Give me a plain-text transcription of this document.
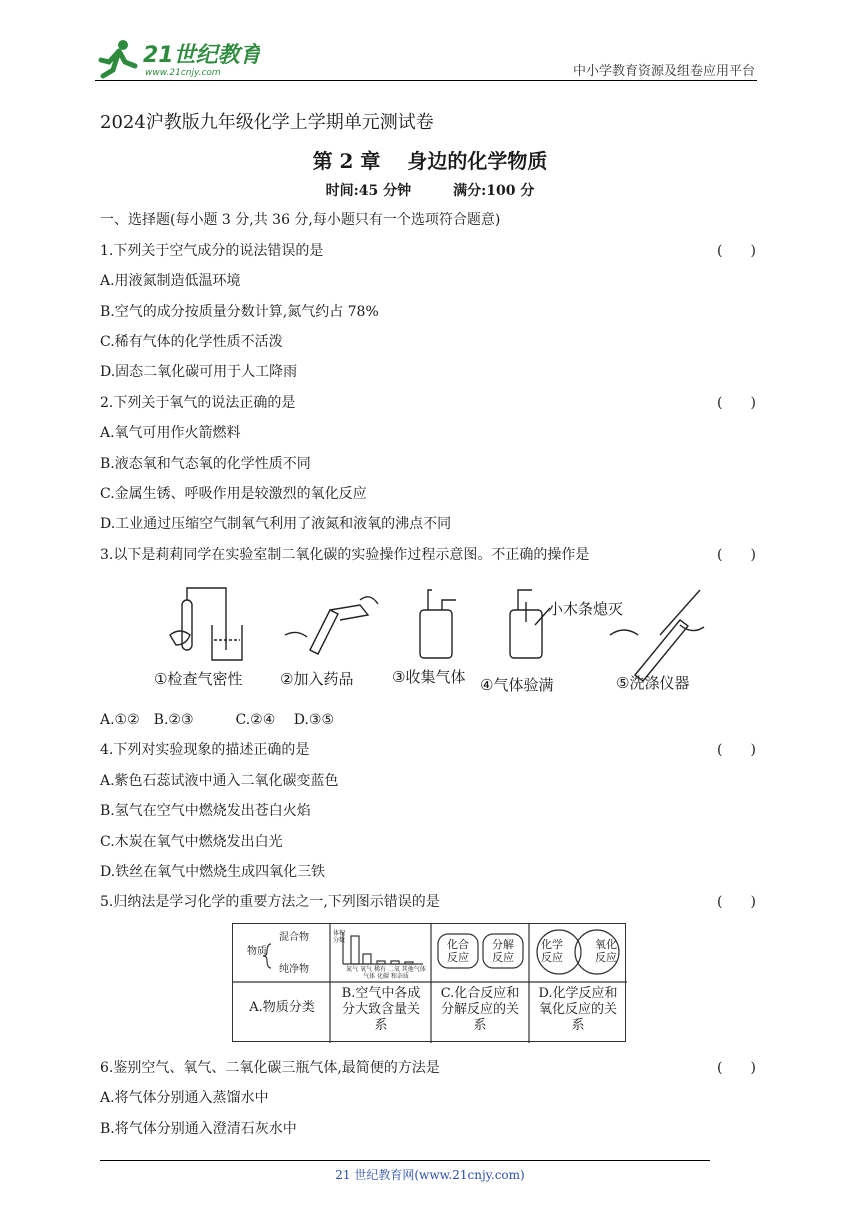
21世纪教育
www.21cnjy.com	中小学教育资源及组卷应用平台
2024沪教版九年级化学上学期单元测试卷
第 2 章　 身边的化学物质
时间:45 分钟　　　满分:100 分
一、选择题(每小题 3 分,共 36 分,每小题只有一个选项符合题意)
1.下列关于空气成分的说法错误的是	(　　)
A.用液氮制造低温环境
B.空气的成分按质量分数计算,氮气约占 78%
C.稀有气体的化学性质不活泼
D.固态二氧化碳可用于人工降雨
2.下列关于氧气的说法正确的是	(　　)
A.氧气可用作火箭燃料
B.液态氧和气态氧的化学性质不同
C.金属生锈、呼吸作用是较激烈的氧化反应
D.工业通过压缩空气制氧气利用了液氮和液氧的沸点不同
3.以下是莉莉同学在实验室制二氧化碳的实验操作过程示意图。不正确的操作是	(　　)
①检查气密性	②加入药品	③收集气体 ④气体验满	⑤洗涤仪器
小木条熄灭
A.①②　B.②③　　　C.②④　 D.③⑤
4.下列对实验现象的描述正确的是	(　　)
A.紫色石蕊试液中通入二氧化碳变蓝色
B.氢气在空气中燃烧发出苍白火焰
C.木炭在氧气中燃烧发出白光
D.铁丝在氧气中燃烧生成四氧化三铁
5.归纳法是学习化学的重要方法之一,下列图示错误的是	(　　)
物质
混合物
纯净物
体积分数
氮气 氧气 稀有 二氧 其他气体
气体 化碳 和杂质
化合反应
分解反应
化学反应
氧化反应
A.物质分类
B.空气中各成分大致含量关系
C.化合反应和分解反应的关系
D.化学反应和氧化反应的关系
6.鉴别空气、氧气、二氧化碳三瓶气体,最简便的方法是	(　　)
A.将气体分别通入蒸馏水中
B.将气体分别通入澄清石灰水中
21 世纪教育网(www.21cnjy.com)
